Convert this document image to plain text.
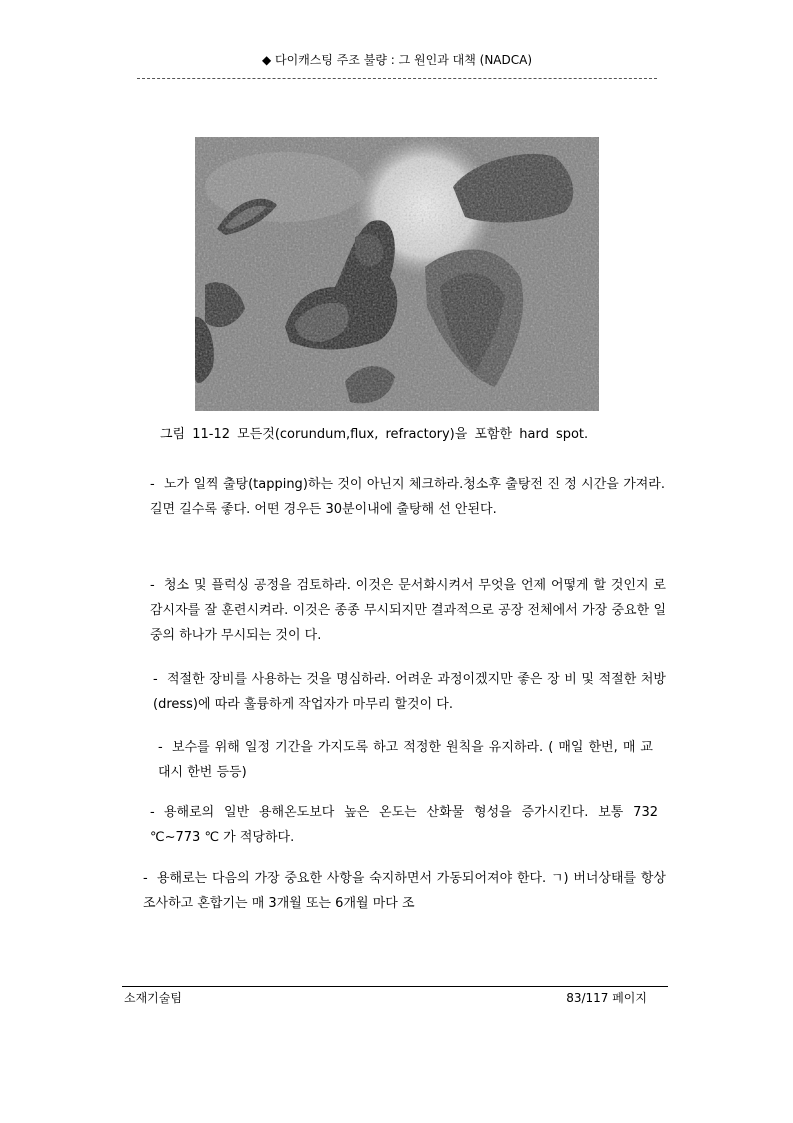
◆ 다이캐스팅 주조 불량 : 그 원인과 대책 (NADCA)
그림 11-12 모든것(corundum,flux, refractory)을 포함한 hard spot.
- 노가 일찍 출탕(tapping)하는 것이 아닌지 체크하라.청소후 출탕전 진 정 시간을 가져라. 길면 길수록 좋다. 어떤 경우든 30분이내에 출탕해 선 안된다.
- 청소 및 플럭싱 공정을 검토하라. 이것은 문서화시켜서 무엇을 언제 어떻게 할 것인지 로 감시자를 잘 훈련시켜라. 이것은 종종 무시되지만 결과적으로 공장 전체에서 가장 중요한 일 중의 하나가 무시되는 것이 다.
- 적절한 장비를 사용하는 것을 명심하라. 어려운 과정이겠지만 좋은 장 비 및 적절한 처방(dress)에 따라 훌륭하게 작업자가 마무리 할것이 다.
- 보수를 위해 일정 기간을 가지도록 하고 적정한 원칙을 유지하라. ( 매일 한번, 매 교대시 한번 등등)
- 용해로의 일반 용해온도보다 높은 온도는 산화물 형성을 증가시킨다. 보통 732 ℃~773 ℃ 가 적당하다.
- 용해로는 다음의 가장 중요한 사항을 숙지하면서 가동되어져야 한다. ㄱ) 버너상태를 항상 조사하고 혼합기는 매 3개월 또는 6개월 마다 조
소재기술팀	83/117 페이지
